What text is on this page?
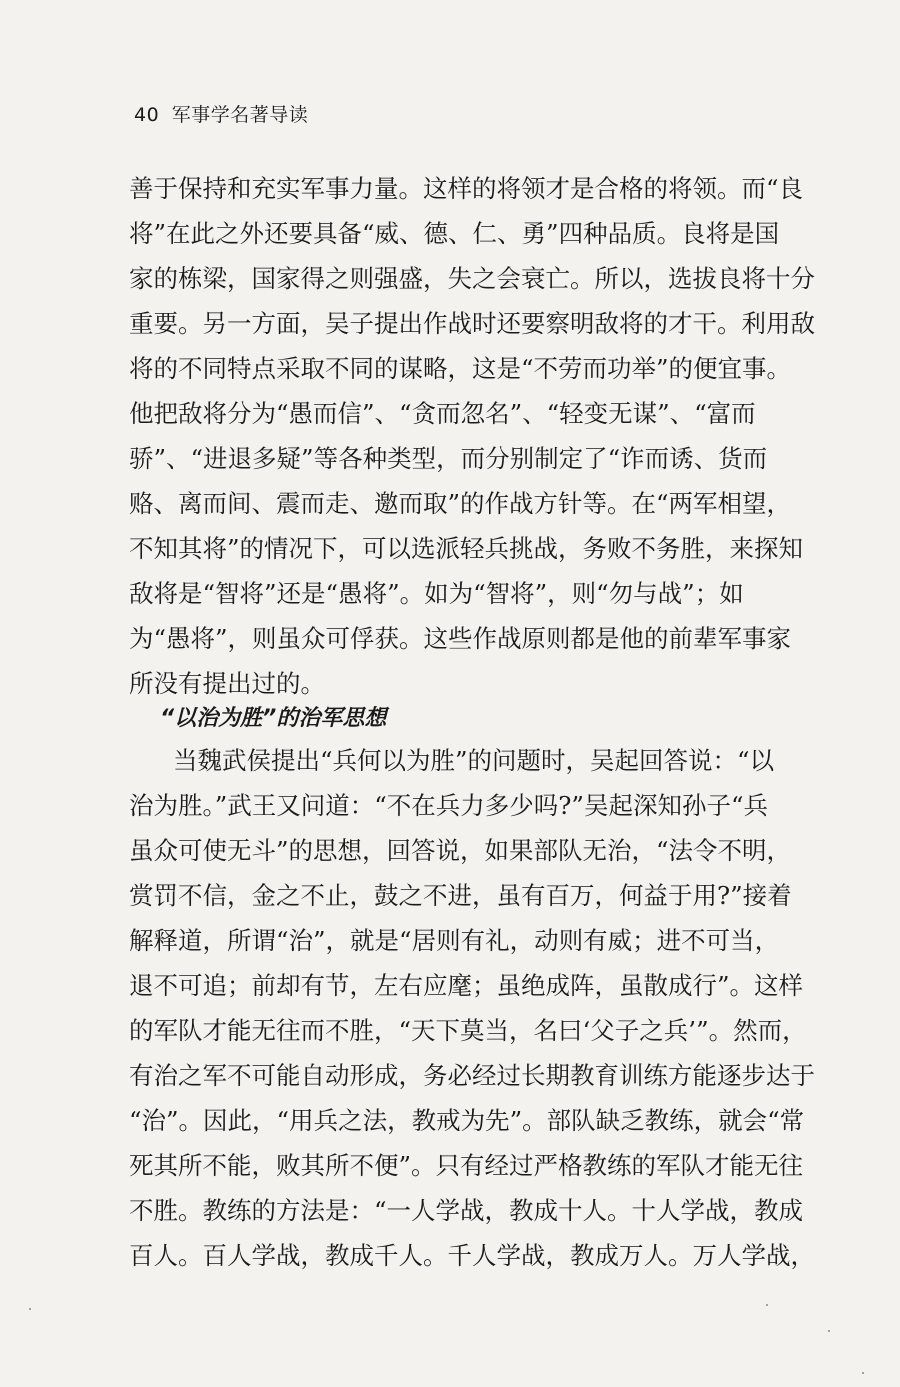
40 军事学名著导读
善于保持和充实军事力量。这样的将领才是合格的将领。而“良
将”在此之外还要具备“威、德、仁、勇”四种品质。良将是国
家的栋梁，国家得之则强盛，失之会衰亡。所以，选拔良将十分
重要。另一方面，吴子提出作战时还要察明敌将的才干。利用敌
将的不同特点采取不同的谋略，这是“不劳而功举”的便宜事。
他把敌将分为“愚而信”、“贪而忽名”、“轻变无谋”、“富而
骄”、“进退多疑”等各种类型，而分别制定了“诈而诱、货而
赂、离而间、震而走、邀而取”的作战方针等。在“两军相望，
不知其将”的情况下，可以选派轻兵挑战，务败不务胜，来探知
敌将是“智将”还是“愚将”。如为“智将”，则“勿与战”；如
为“愚将”，则虽众可俘获。这些作战原则都是他的前辈军事家
所没有提出过的。
“以治为胜”的治军思想
当魏武侯提出“兵何以为胜”的问题时，吴起回答说：“以
治为胜。”武王又问道：“不在兵力多少吗?”吴起深知孙子“兵
虽众可使无斗”的思想，回答说，如果部队无治，“法令不明，
赏罚不信，金之不止，鼓之不进，虽有百万，何益于用?”接着
解释道，所谓“治”，就是“居则有礼，动则有威；进不可当，
退不可追；前却有节，左右应麾；虽绝成阵，虽散成行”。这样
的军队才能无往而不胜，“天下莫当，名曰‘父子之兵’”。然而，
有治之军不可能自动形成，务必经过长期教育训练方能逐步达于
“治”。因此，“用兵之法，教戒为先”。部队缺乏教练，就会“常
死其所不能，败其所不便”。只有经过严格教练的军队才能无往
不胜。教练的方法是：“一人学战，教成十人。十人学战，教成
百人。百人学战，教成千人。千人学战，教成万人。万人学战，
